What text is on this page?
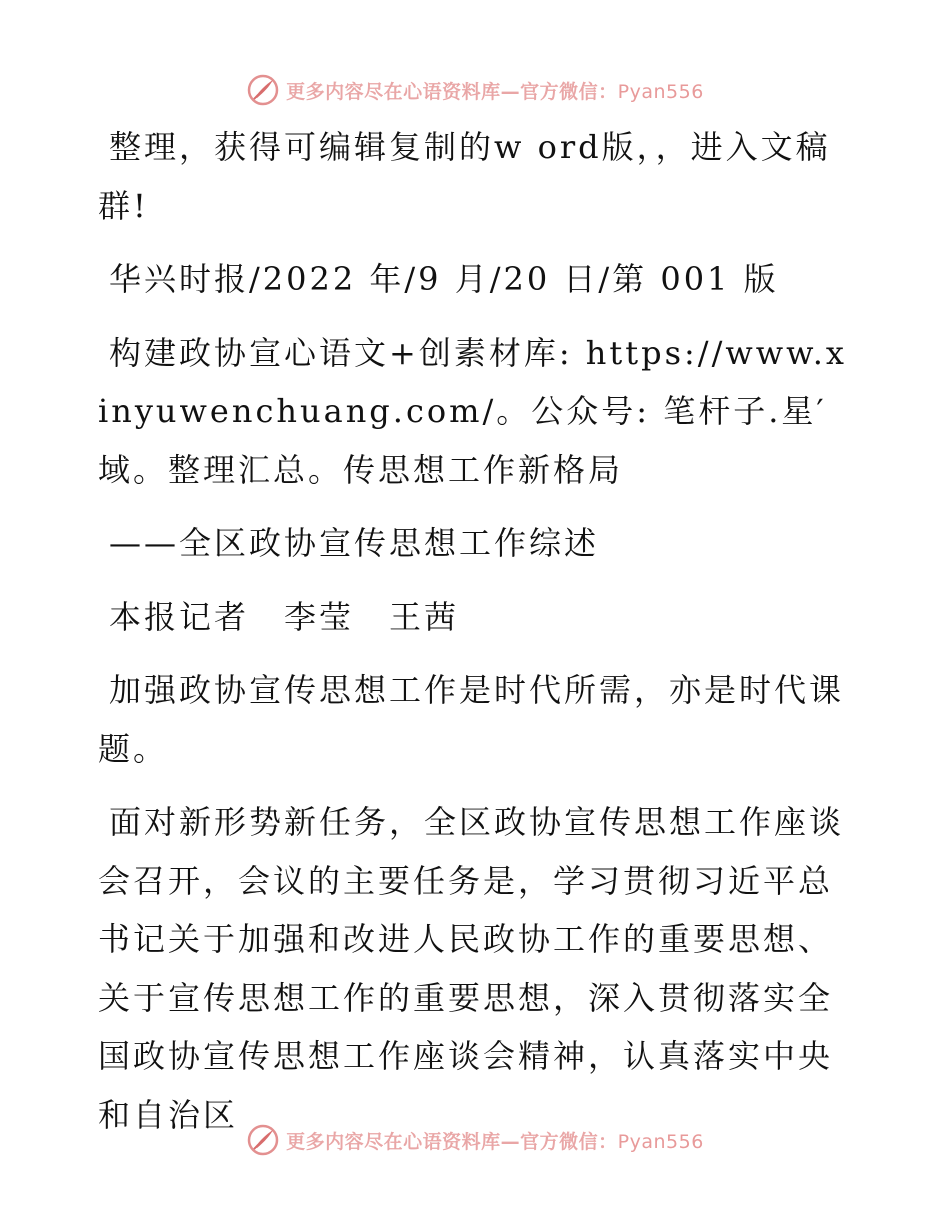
更多内容尽在心语资料库—官方微信：Pyan556

整理，获得可编辑复制的w ord版，，进入文稿群!

华兴时报/2022 年/9 月/20 日/第 001 版

构建政协宣心语文+创素材库: https://www.xinyuwenchuang.com/。公众号: 笔杆子.星′域。整理汇总。传思想工作新格局

——全区政协宣传思想工作综述

本报记者　李莹　王茜

加强政协宣传思想工作是时代所需，亦是时代课题。

面对新形势新任务，全区政协宣传思想工作座谈会召开，会议的主要任务是，学习贯彻习近平总书记关于加强和改进人民政协工作的重要思想、关于宣传思想工作的重要思想，深入贯彻落实全国政协宣传思想工作座谈会精神，认真落实中央和自治区

更多内容尽在心语资料库—官方微信：Pyan556
